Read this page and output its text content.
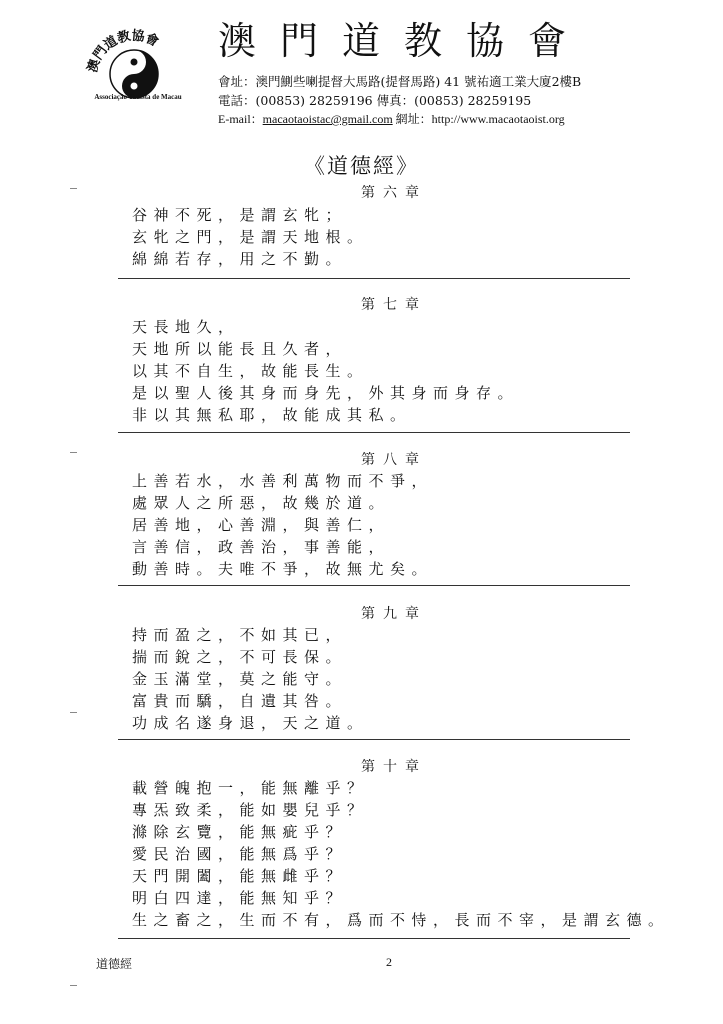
澳門道教協會
Associação Tauista de Macau
澳門道教協會
會址：澳門鰂些喇提督大馬路(提督馬路) 41 號祐適工業大廈2樓B
電話：(00853) 28259196 傳真：(00853) 28259195
E-mail：macaotaoistac@gmail.com 網址：http://www.macaotaoist.org
《道德經》
第六章
谷神不死，是謂玄牝；
玄牝之門，是謂天地根。
綿綿若存，用之不勤。
第七章
天長地久，
天地所以能長且久者，
以其不自生，故能長生。
是以聖人後其身而身先，外其身而身存。
非以其無私耶，故能成其私。
第八章
上善若水，水善利萬物而不爭，
處眾人之所惡，故幾於道。
居善地，心善淵，與善仁，
言善信，政善治，事善能，
動善時。夫唯不爭，故無尤矣。
第九章
持而盈之，不如其已，
揣而銳之，不可長保。
金玉滿堂，莫之能守。
富貴而驕，自遺其咎。
功成名遂身退，天之道。
第十章
載營魄抱一，能無離乎？
專炁致柔，能如嬰兒乎？
滌除玄覽，能無疵乎？
愛民治國，能無爲乎？
天門開闔，能無雌乎？
明白四達，能無知乎？
生之畜之，生而不有，爲而不恃，長而不宰，是謂玄德。
道德經	2
